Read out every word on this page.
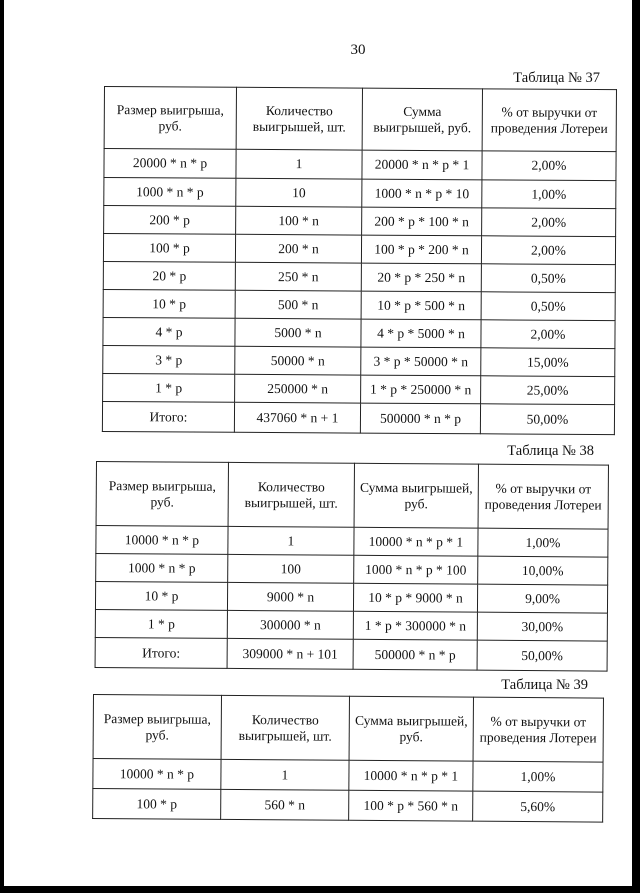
30
Таблица № 37
Размер выигрыша, руб.	Количество выигрышей, шт.	Сумма выигрышей, руб.	% от выручки от проведения Лотереи
20000 * n * p	1	20000 * n * p * 1	2,00%
1000 * n * p	10	1000 * n * p * 10	1,00%
200 * p	100 * n	200 * p * 100 * n	2,00%
100 * p	200 * n	100 * p * 200 * n	2,00%
20 * p	250 * n	20 * p * 250 * n	0,50%
10 * p	500 * n	10 * p * 500 * n	0,50%
4 * p	5000 * n	4 * p * 5000 * n	2,00%
3 * p	50000 * n	3 * p * 50000 * n	15,00%
1 * p	250000 * n	1 * p * 250000 * n	25,00%
Итого:	437060 * n + 1	500000 * n * p	50,00%
Таблица № 38
Размер выигрыша, руб.	Количество выигрышей, шт.	Сумма выигрышей, руб.	% от выручки от проведения Лотереи
10000 * n * p	1	10000 * n * p * 1	1,00%
1000 * n * p	100	1000 * n * p * 100	10,00%
10 * p	9000 * n	10 * p * 9000 * n	9,00%
1 * p	300000 * n	1 * p * 300000 * n	30,00%
Итого:	309000 * n + 101	500000 * n * p	50,00%
Таблица № 39
Размер выигрыша, руб.	Количество выигрышей, шт.	Сумма выигрышей, руб.	% от выручки от проведения Лотереи
10000 * n * p	1	10000 * n * p * 1	1,00%
100 * p	560 * n	100 * p * 560 * n	5,60%
